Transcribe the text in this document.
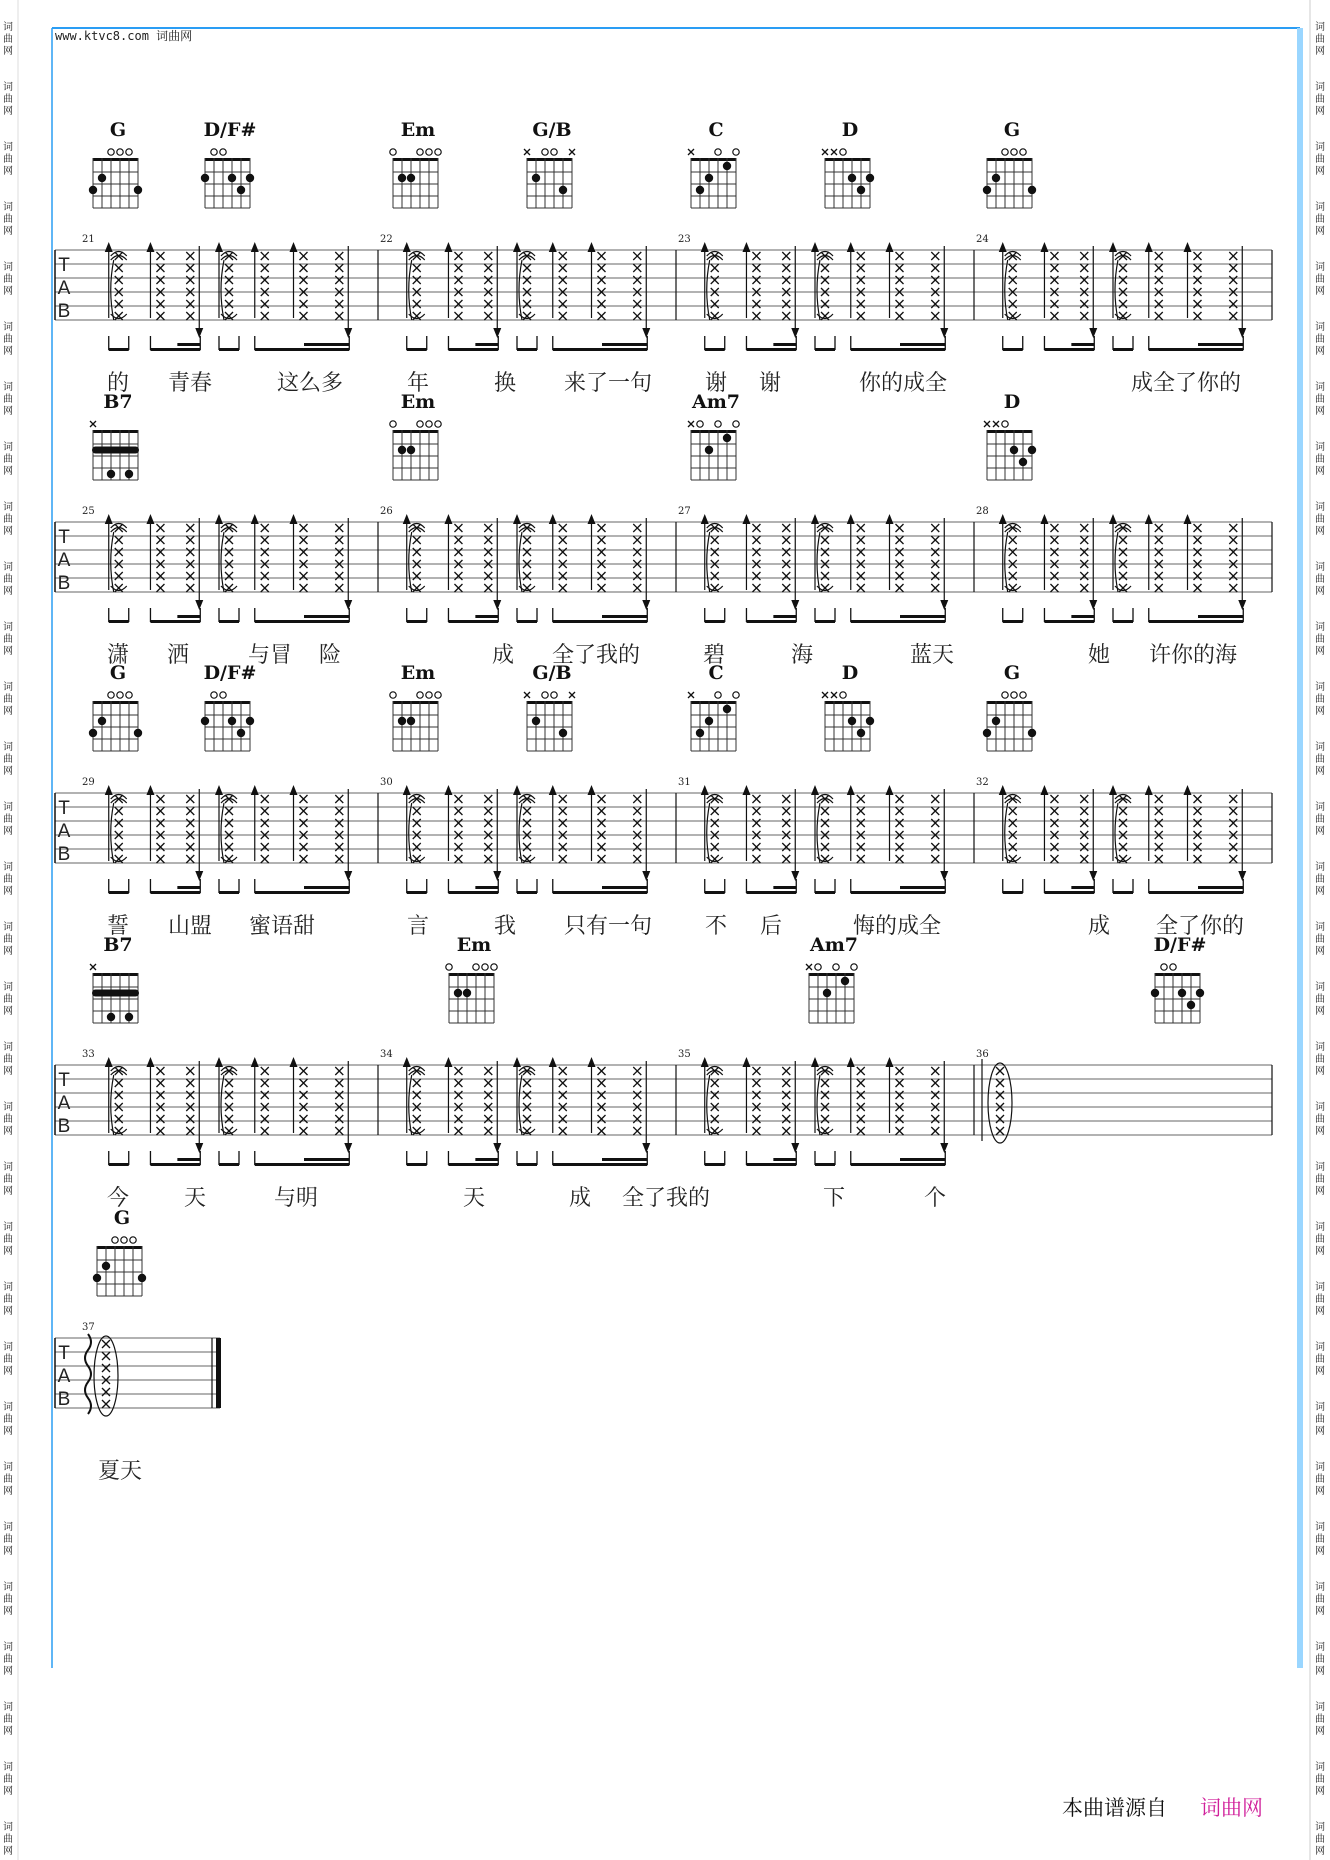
www.ktvc8.com 词曲网
词
曲
网
词
曲
网
词
曲
网
词
曲
网
词
曲
网
词
曲
网
词
曲
网
词
曲
网
词
曲
网
词
曲
网
词
曲
网
词
曲
网
词
曲
网
词
曲
网
词
曲
网
词
曲
网
词
曲
网
词
曲
网
词
曲
网
词
曲
网
词
曲
网
词
曲
网
词
曲
网
词
曲
网
词
曲
网
词
曲
网
词
曲
网
词
曲
网
词
曲
网
词
曲
网
词
曲
网
词
曲
网
词
曲
网
词
曲
网
词
曲
网
词
曲
网
词
曲
网
词
曲
网
词
曲
网
词
曲
网
词
曲
网
词
曲
网
词
曲
网
词
曲
网
词
曲
网
词
曲
网
词
曲
网
词
曲
网
词
曲
网
词
曲
网
词
曲
网
词
曲
网
词
曲
网
词
曲
网
词
曲
网
词
曲
网
词
曲
网
词
曲
网
词
曲
网
词
曲
网
词
曲
网
词
曲
网
G	D/F#	Em	G/B	C	D	G
T
A
B
21	22	23	24
的 青春	这么多	年	换 来了一句 谢 谢	你的成全	成全了你的
B7	Em	Am7	D
T
A
B
25	26	27	28
潇 洒	与冒 险	成 全了我的	碧	海	蓝天	她 许你的海
G	D/F#	Em	G/B	C	D	G
T
A
B
29	30	31	32
誓 山盟 蜜语甜	言	我 只有一句 不 后	悔的成全	成 全了你的
B7	Em	Am7	D/F#
T
A
B
33	34	35	36
今 天	与明	天	成 全了我的	下	个
G
T
A
B
37
夏天
本曲谱源自 词曲网
